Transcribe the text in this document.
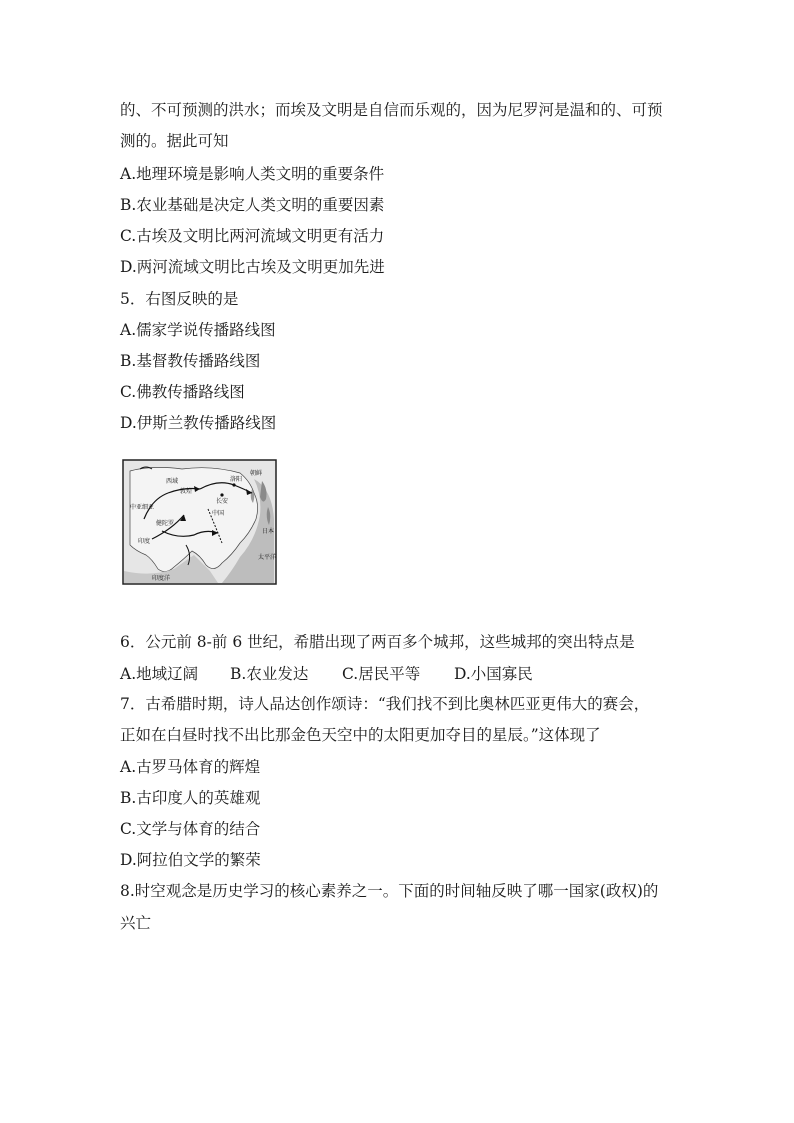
的、不可预测的洪水；而埃及文明是自信而乐观的，因为尼罗河是温和的、可预
测的。据此可知
A.地理环境是影响人类文明的重要条件
B.农业基础是决定人类文明的重要因素
C.古埃及文明比两河流域文明更有活力
D.两河流域文明比古埃及文明更加先进
5．右图反映的是
A.儒家学说传播路线图
B.基督教传播路线图
C.佛教传播路线图
D.伊斯兰教传播路线图
中亚细亚
西域
长安
洛阳
敦煌
中国
健陀罗
印度
印度洋
朝鲜
日本
太平洋
6．公元前 8-前 6 世纪，希腊出现了两百多个城邦，这些城邦的突出特点是
A.地域辽阔 B.农业发达 C.居民平等 D.小国寡民
7．古希腊时期，诗人品达创作颂诗：“我们找不到比奥林匹亚更伟大的赛会，
正如在白昼时找不出比那金色天空中的太阳更加夺目的星辰。”这体现了
A.古罗马体育的辉煌
B.古印度人的英雄观
C.文学与体育的结合
D.阿拉伯文学的繁荣
8.时空观念是历史学习的核心素养之一。下面的时间轴反映了哪一国家(政权)的
兴亡
